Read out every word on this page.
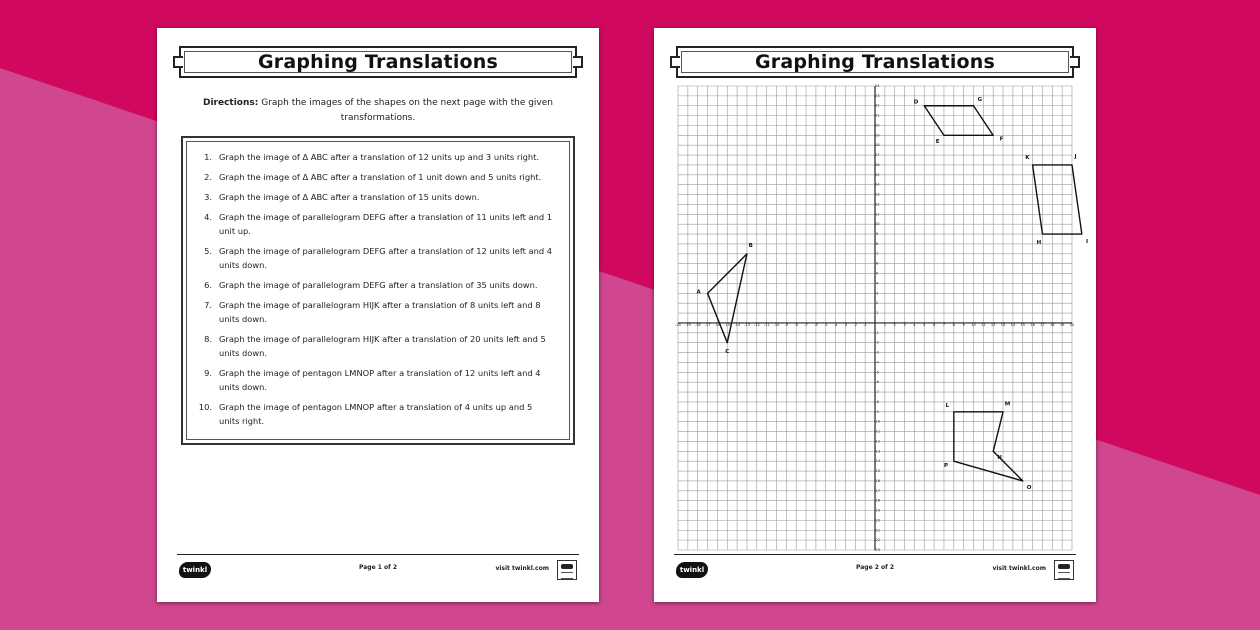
Graphing Translations
Directions: Graph the images of the shapes on the next page with the given transformations.
1. Graph the image of Δ ABC after a translation of 12 units up and 3 units right.
2. Graph the image of Δ ABC after a translation of 1 unit down and 5 units right.
3. Graph the image of Δ ABC after a translation of 15 units down.
4. Graph the image of parallelogram DEFG after a translation of 11 units left and 1 unit up.
5. Graph the image of parallelogram DEFG after a translation of 12 units left and 4 units down.
6. Graph the image of parallelogram DEFG after a translation of 35 units down.
7. Graph the image of parallelogram HIJK after a translation of 8 units left and 8 units down.
8. Graph the image of parallelogram HIJK after a translation of 20 units left and 5 units down.
9. Graph the image of pentagon LMNOP after a translation of 12 units left and 4 units down.
10. Graph the image of pentagon LMNOP after a translation of 4 units up and 5 units right.
twinkl	Page 1 of 2	visit twinkl.com
Graphing Translations
-20 -19 -18 -17 -16 -15 -14 -13 -12 -11 -10 -9 -8 -7 -6 -5 -4 -3 -2 -1	1 2 3 4 5 6 7 8 9 10 11 12 13 14 15 16 17 18 19 20
-23
-22
-21
-20
-19
-18
-17
-16
-15
-14
-13
-12
-11
-10
-9
-8
-7
-6
-5
-4
-3
-2
-1
1
2
3
4
5
6
7
8
9
10
11
12
13
14
15
16
17
18
19
20
21
22
23
24
A
B
C
D	G
F
E
K	J
I
H
L	M
N
O
P
twinkl	Page 2 of 2	visit twinkl.com
